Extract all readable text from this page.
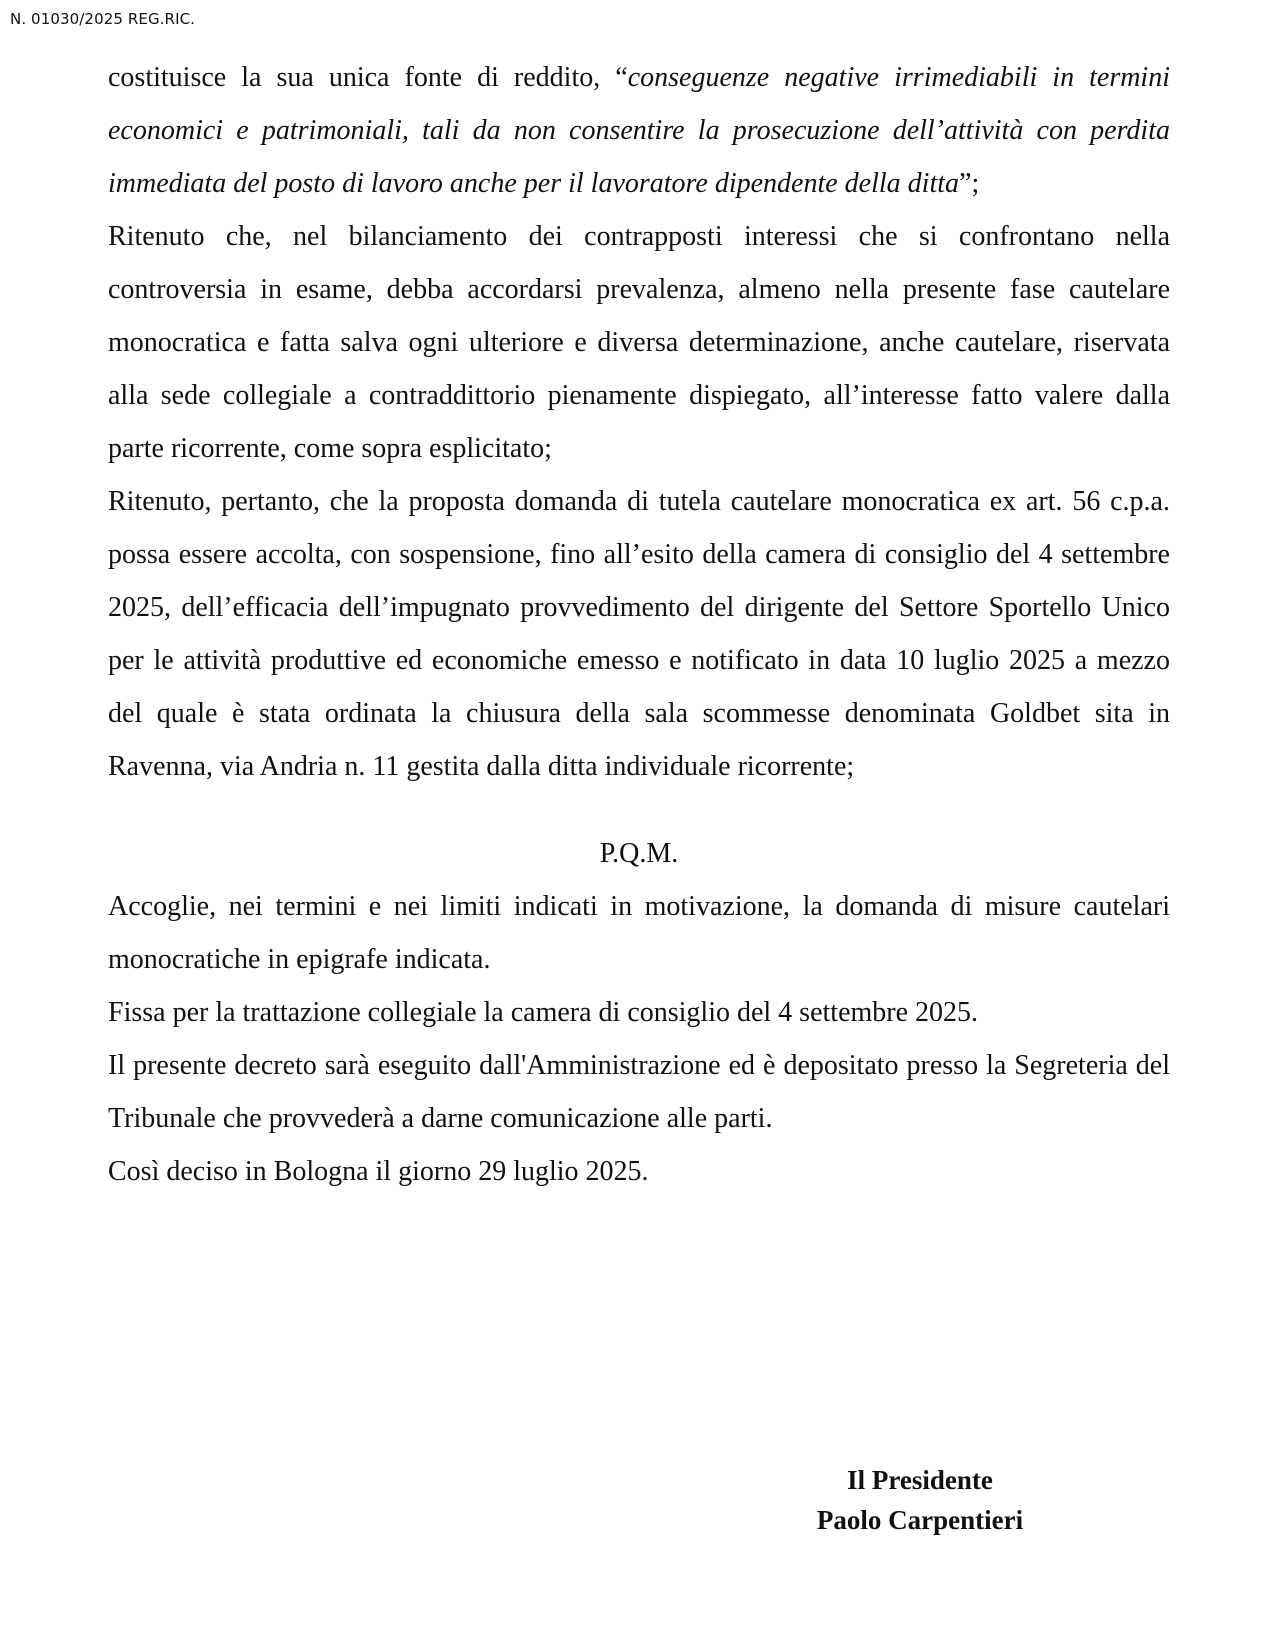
N. 01030/2025 REG.RIC.

costituisce la sua unica fonte di reddito, “conseguenze negative irrimediabili in termini economici e patrimoniali, tali da non consentire la prosecuzione dell’attività con perdita immediata del posto di lavoro anche per il lavoratore dipendente della ditta”;

Ritenuto che, nel bilanciamento dei contrapposti interessi che si confrontano nella controversia in esame, debba accordarsi prevalenza, almeno nella presente fase cautelare monocratica e fatta salva ogni ulteriore e diversa determinazione, anche cautelare, riservata alla sede collegiale a contraddittorio pienamente dispiegato, all’interesse fatto valere dalla parte ricorrente, come sopra esplicitato;

Ritenuto, pertanto, che la proposta domanda di tutela cautelare monocratica ex art. 56 c.p.a. possa essere accolta, con sospensione, fino all’esito della camera di consiglio del 4 settembre 2025, dell’efficacia dell’impugnato provvedimento del dirigente del Settore Sportello Unico per le attività produttive ed economiche emesso e notificato in data 10 luglio 2025 a mezzo del quale è stata ordinata la chiusura della sala scommesse denominata Goldbet sita in Ravenna, via Andria n. 11 gestita dalla ditta individuale ricorrente;

P.Q.M.

Accoglie, nei termini e nei limiti indicati in motivazione, la domanda di misure cautelari monocratiche in epigrafe indicata.

Fissa per la trattazione collegiale la camera di consiglio del 4 settembre 2025.

Il presente decreto sarà eseguito dall'Amministrazione ed è depositato presso la Segreteria del Tribunale che provvederà a darne comunicazione alle parti.

Così deciso in Bologna il giorno 29 luglio 2025.

Il Presidente
Paolo Carpentieri
